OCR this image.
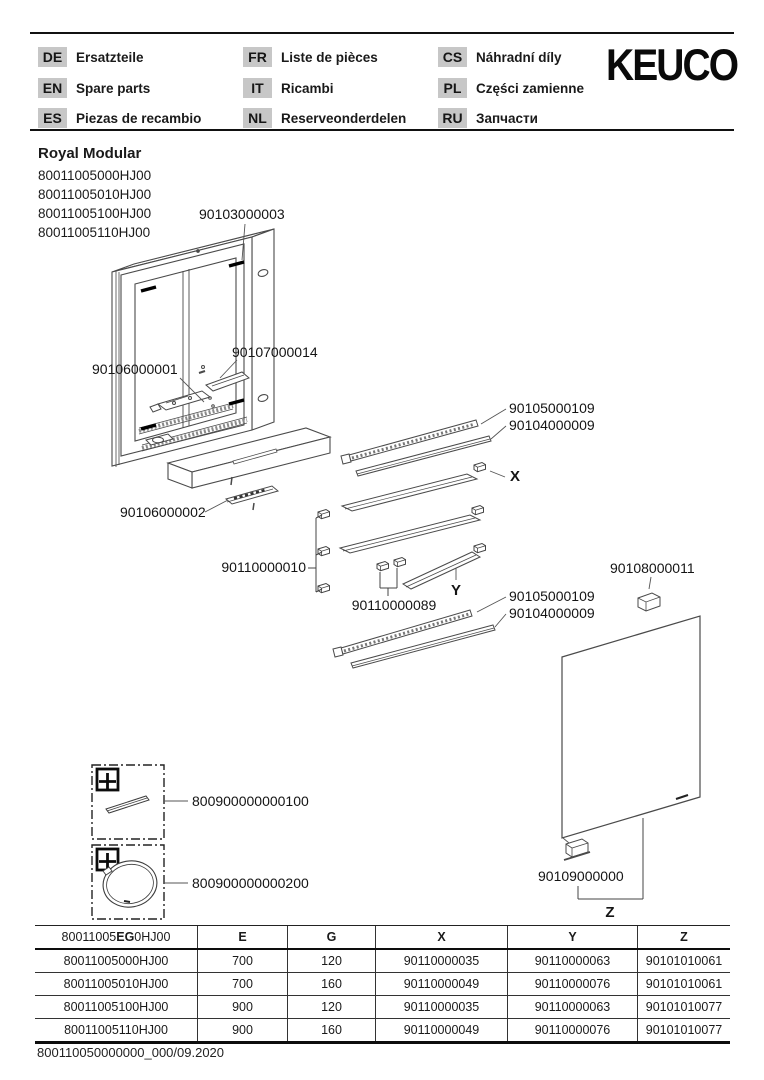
DE	Ersatzteile
EN	Spare parts
ES	Piezas de recambio
FR	Liste de pièces
IT	Ricambi
NL	Reserveonderdelen
CS	Náhradní díly
PL	Części zamienne
RU Запчасти
KEUCO
Royal Modular
80011005000HJ00
80011005010HJ00
80011005100HJ00
80011005110HJ00
90103000003
90106000001
90107000014
90106000002
90105000109
90104000009
X
90110000010
90110000089
Y	90105000109
90104000009
90108000011
90109000000
Z
800900000000100
800900000000200
80011005EG0HJ00	E	G	X	Y	Z
80011005000HJ00	700	120	90110000035	90110000063	90101010061
80011005010HJ00	700	160	90110000049	90110000076	90101010061
80011005100HJ00	900	120	90110000035	90110000063	90101010077
80011005110HJ00	900	160	90110000049	90110000076	90101010077
800110050000000_000/09.2020
